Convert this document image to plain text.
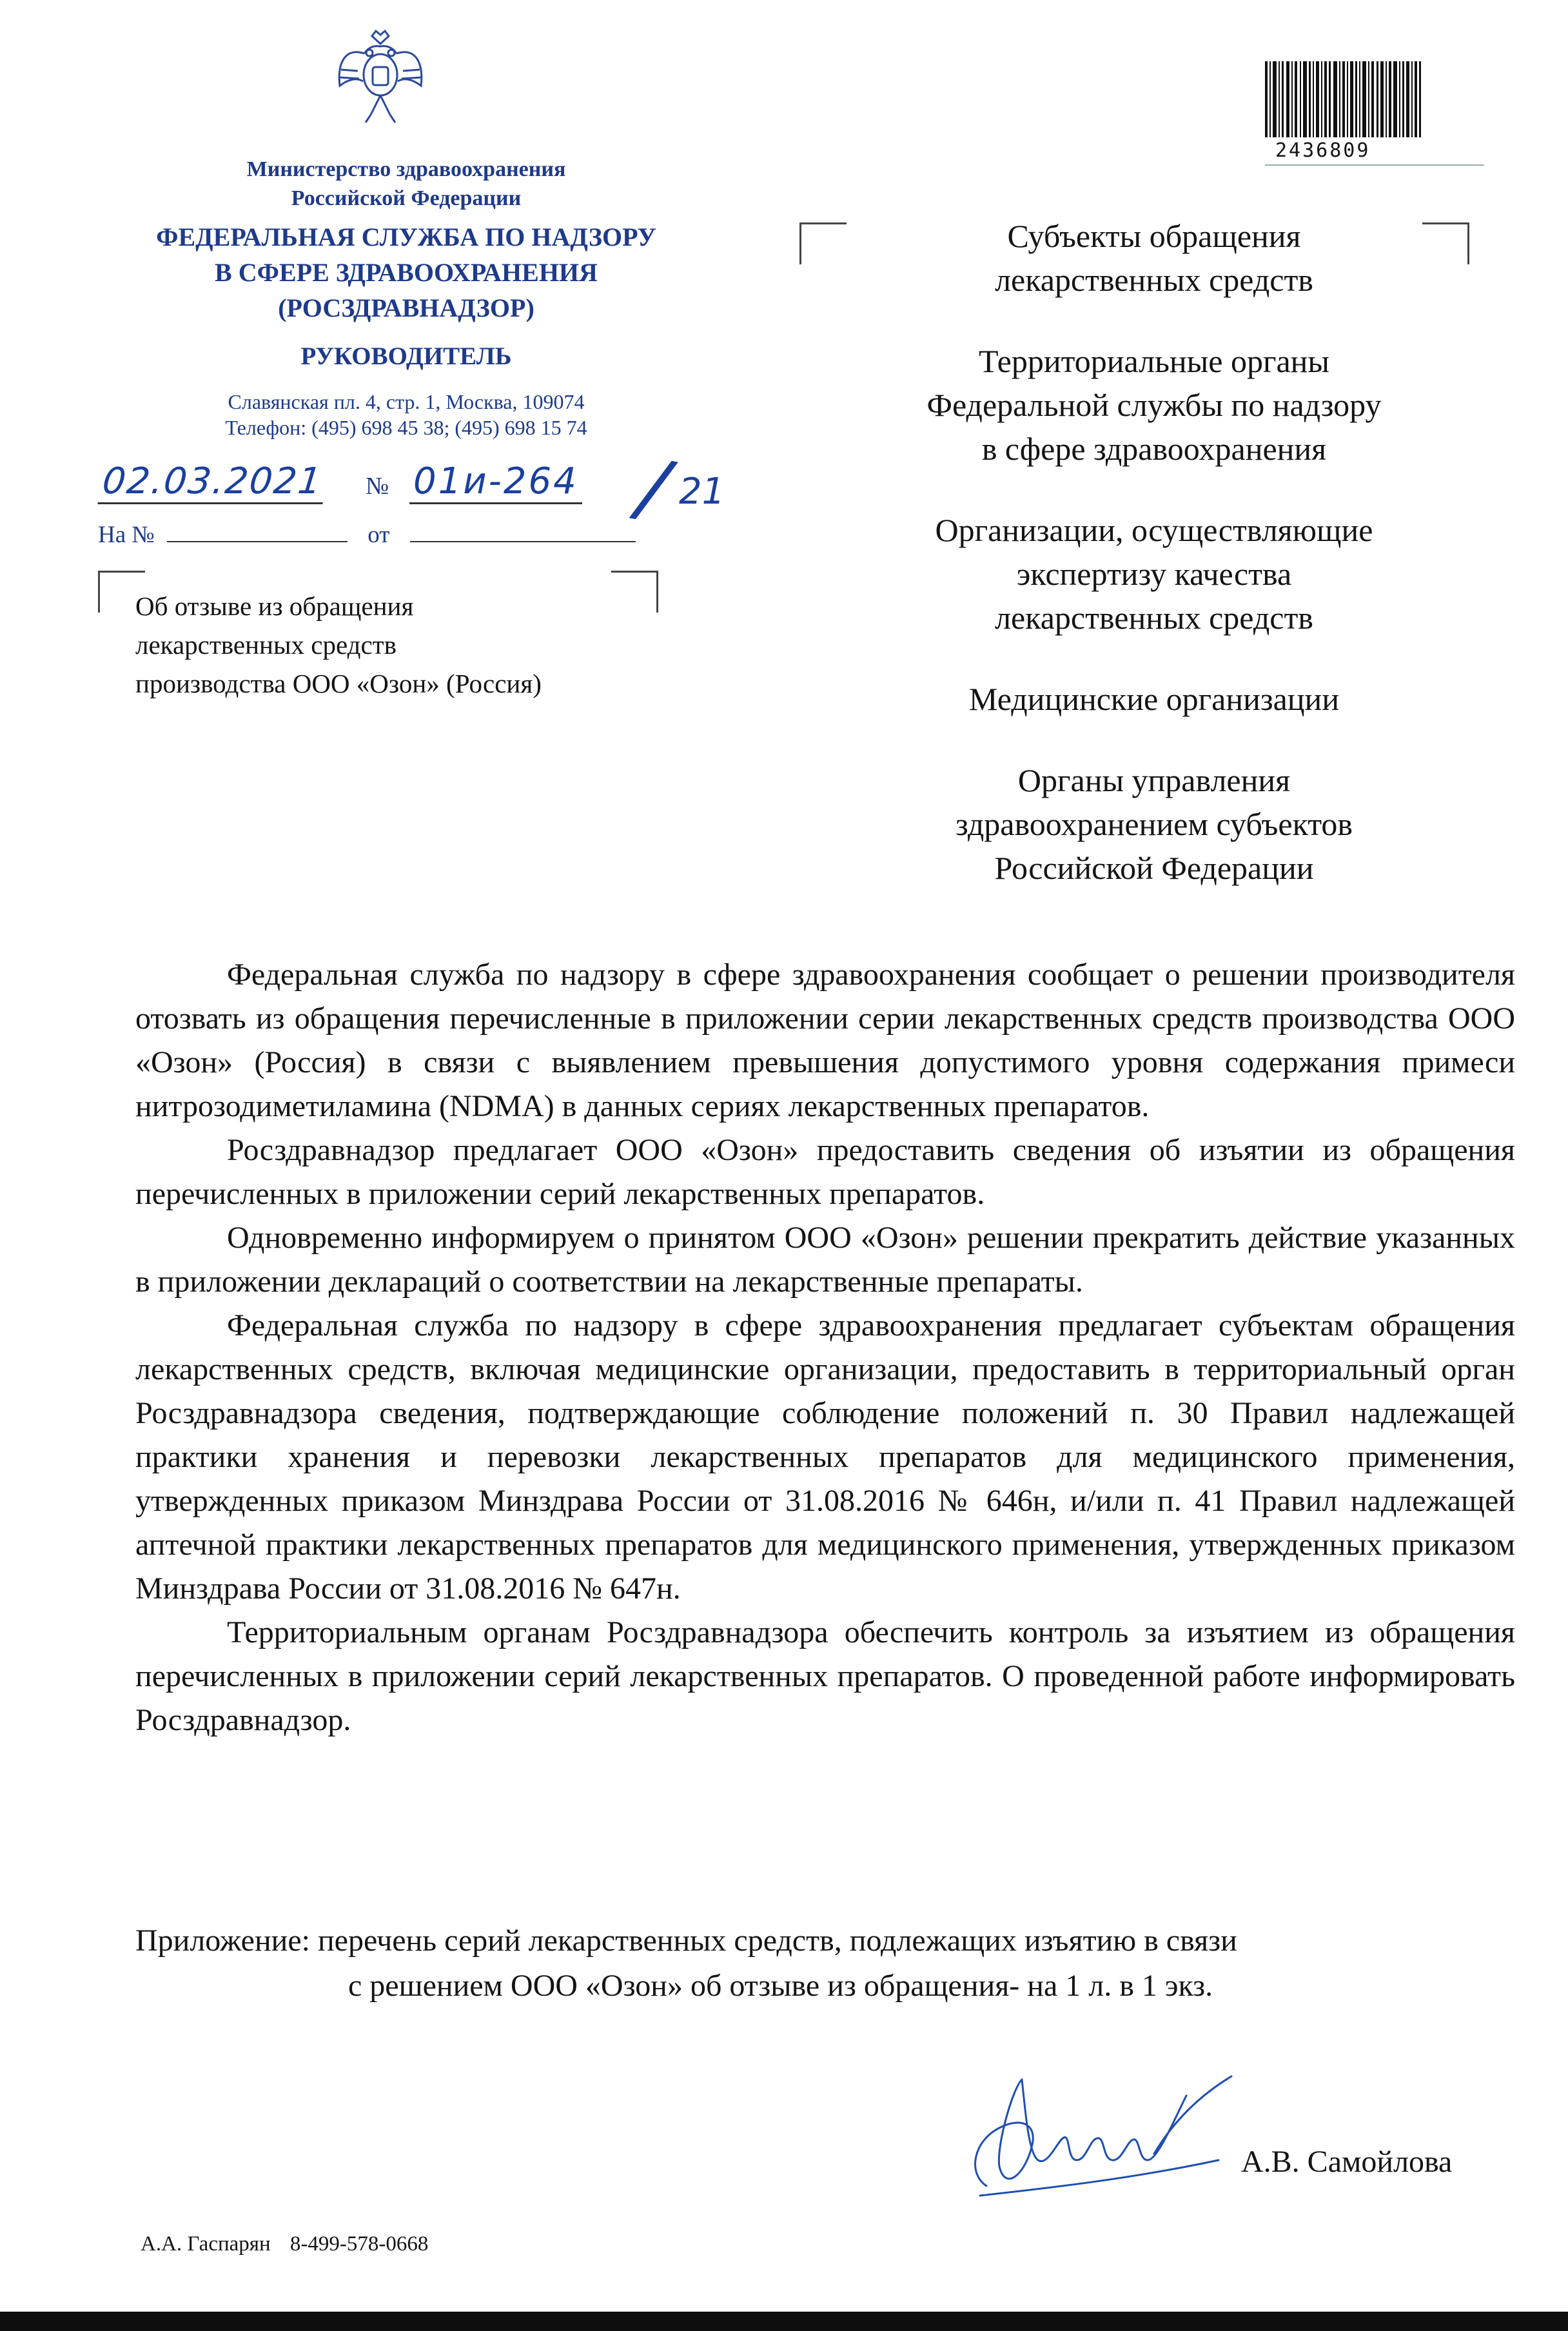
Министерство здравоохранения
Российской Федерации
ФЕДЕРАЛЬНАЯ СЛУЖБА ПО НАДЗОРУ
В СФЕРЕ ЗДРАВООХРАНЕНИЯ
(РОСЗДРАВНАДЗОР)
РУКОВОДИТЕЛЬ
Славянская пл. 4, стр. 1, Москва, 109074
Телефон: (495) 698 45 38; (495) 698 15 74
02.03.2021 № 01и-264 / 21
На №	от
Об отзыве из обращения
лекарственных средств
производства ООО «Озон» (Россия)
2436809
Субъекты обращения
лекарственных средств
Территориальные органы
Федеральной службы по надзору
в сфере здравоохранения
Организации, осуществляющие
экспертизу качества
лекарственных средств
Медицинские организации
Органы управления
здравоохранением субъектов
Российской Федерации

Федеральная служба по надзору в сфере здравоохранения сообщает о решении производителя отозвать из обращения перечисленные в приложении серии лекарственных средств производства ООО «Озон» (Россия) в связи с выявлением превышения допустимого уровня содержания примеси нитрозодиметиламина (NDMA) в данных сериях лекарственных препаратов.

Росздравнадзор предлагает ООО «Озон» предоставить сведения об изъятии из обращения перечисленных в приложении серий лекарственных препаратов.

Одновременно информируем о принятом ООО «Озон» решении прекратить действие указанных в приложении деклараций о соответствии на лекарственные препараты.

Федеральная служба по надзору в сфере здравоохранения предлагает субъектам обращения лекарственных средств, включая медицинские организации, предоставить в территориальный орган Росздравнадзора сведения, подтверждающие соблюдение положений п. 30 Правил надлежащей практики хранения и перевозки лекарственных препаратов для медицинского применения, утвержденных приказом Минздрава России от 31.08.2016 № 646н, и/или п. 41 Правил надлежащей аптечной практики лекарственных препаратов для медицинского применения, утвержденных приказом Минздрава России от 31.08.2016 № 647н.

Территориальным органам Росздравнадзора обеспечить контроль за изъятием из обращения перечисленных в приложении серий лекарственных препаратов. О проведенной работе информировать Росздравнадзор.

Приложение: перечень серий лекарственных средств, подлежащих изъятию в связи
с решением ООО «Озон» об отзыве из обращения- на 1 л. в 1 экз.
А.В. Самойлова
А.А. Гаспарян 8-499-578-0668
